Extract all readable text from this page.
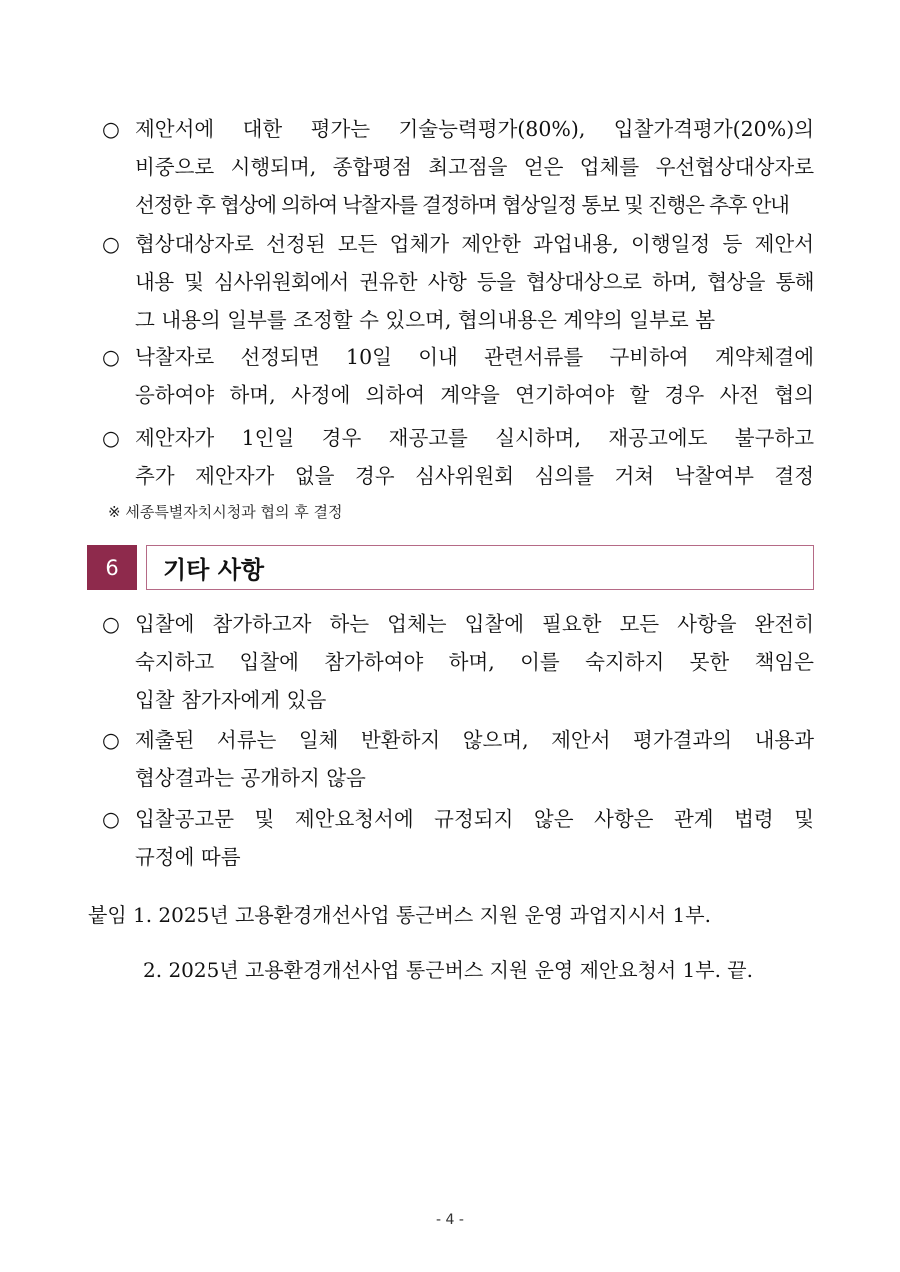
○ 제안서에 대한 평가는 기술능력평가(80%), 입찰가격평가(20%)의
비중으로 시행되며, 종합평점 최고점을 얻은 업체를 우선협상대상자로
선정한 후 협상에 의하여 낙찰자를 결정하며 협상일정 통보 및 진행은 추후 안내
○ 협상대상자로 선정된 모든 업체가 제안한 과업내용, 이행일정 등 제안서
내용 및 심사위원회에서 권유한 사항 등을 협상대상으로 하며, 협상을 통해
그 내용의 일부를 조정할 수 있으며, 협의내용은 계약의 일부로 봄
○ 낙찰자로 선정되면 10일 이내 관련서류를 구비하여 계약체결에
응하여야 하며, 사정에 의하여 계약을 연기하여야 할 경우 사전 협의
○ 제안자가 1인일 경우 재공고를 실시하며, 재공고에도 불구하고
추가 제안자가 없을 경우 심사위원회 심의를 거쳐 낙찰여부 결정
※ 세종특별자치시청과 협의 후 결정
6	기타 사항
○ 입찰에 참가하고자 하는 업체는 입찰에 필요한 모든 사항을 완전히
숙지하고 입찰에 참가하여야 하며, 이를 숙지하지 못한 책임은
입찰 참가자에게 있음
○ 제출된 서류는 일체 반환하지 않으며, 제안서 평가결과의 내용과
협상결과는 공개하지 않음
○ 입찰공고문 및 제안요청서에 규정되지 않은 사항은 관계 법령 및
규정에 따름
붙임 1. 2025년 고용환경개선사업 통근버스 지원 운영 과업지시서 1부.
2. 2025년 고용환경개선사업 통근버스 지원 운영 제안요청서 1부. 끝.
- 4 -
